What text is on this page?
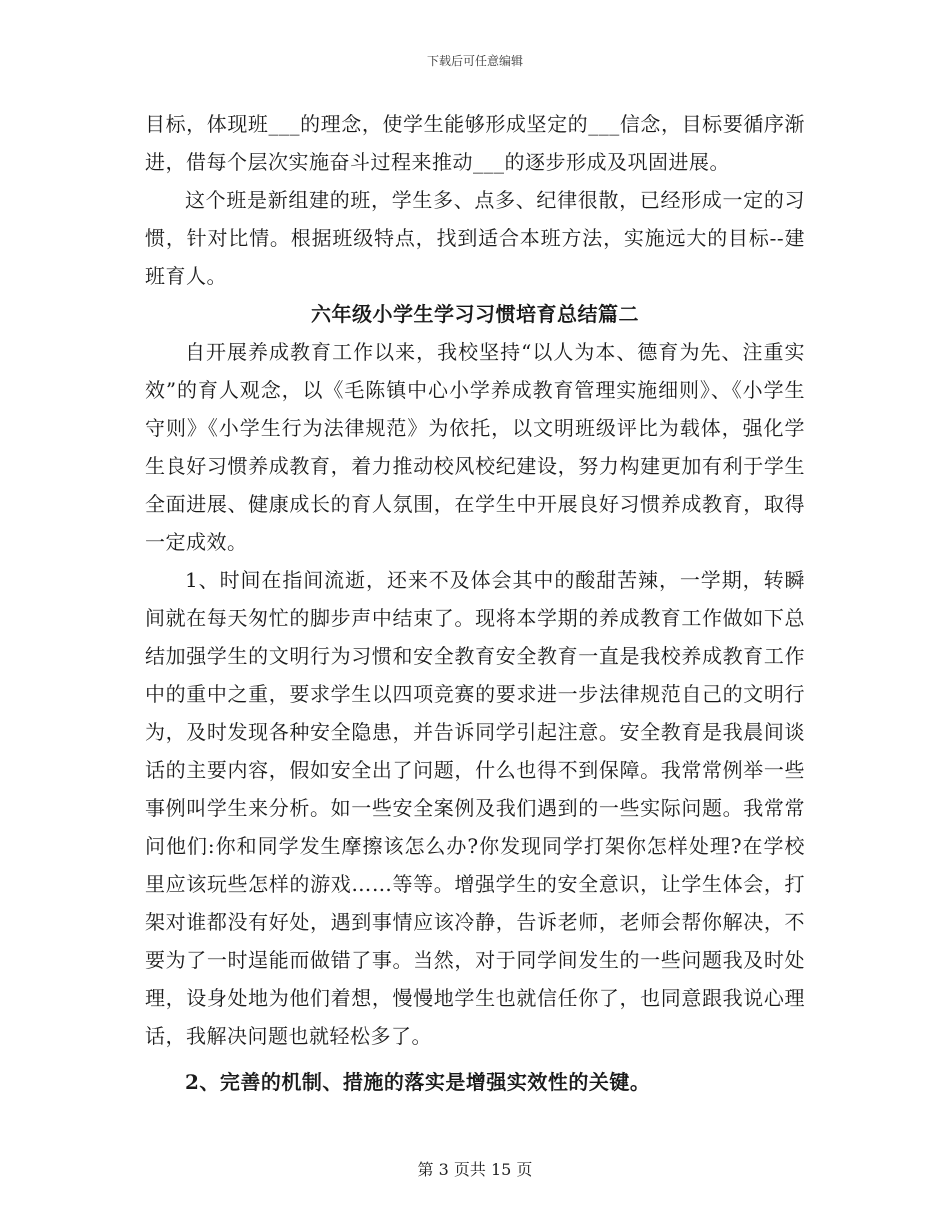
下载后可任意编辑

目标，体现班___的理念，使学生能够形成坚定的___信念，目标要循序渐进，借每个层次实施奋斗过程来推动___的逐步形成及巩固进展。

这个班是新组建的班，学生多、点多、纪律很散，已经形成一定的习惯，针对比情。根据班级特点，找到适合本班方法，实施远大的目标--建班育人。

六年级小学生学习习惯培育总结篇二

自开展养成教育工作以来，我校坚持“以人为本、德育为先、注重实效”的育人观念，以《毛陈镇中心小学养成教育管理实施细则》、《小学生守则》《小学生行为法律规范》为依托，以文明班级评比为载体，强化学生良好习惯养成教育，着力推动校风校纪建设，努力构建更加有利于学生全面进展、健康成长的育人氛围，在学生中开展良好习惯养成教育，取得一定成效。

1、时间在指间流逝，还来不及体会其中的酸甜苦辣，一学期，转瞬间就在每天匆忙的脚步声中结束了。现将本学期的养成教育工作做如下总结加强学生的文明行为习惯和安全教育安全教育一直是我校养成教育工作中的重中之重，要求学生以四项竞赛的要求进一步法律规范自己的文明行为，及时发现各种安全隐患，并告诉同学引起注意。安全教育是我晨间谈话的主要内容，假如安全出了问题，什么也得不到保障。我常常例举一些事例叫学生来分析。如一些安全案例及我们遇到的一些实际问题。我常常问他们:你和同学发生摩擦该怎么办?你发现同学打架你怎样处理?在学校里应该玩些怎样的游戏……等等。增强学生的安全意识，让学生体会，打架对谁都没有好处，遇到事情应该冷静，告诉老师，老师会帮你解决，不要为了一时逞能而做错了事。当然，对于同学间发生的一些问题我及时处理，设身处地为他们着想，慢慢地学生也就信任你了，也同意跟我说心理话，我解决问题也就轻松多了。

2、完善的机制、措施的落实是增强实效性的关键。

第 3 页共 15 页
